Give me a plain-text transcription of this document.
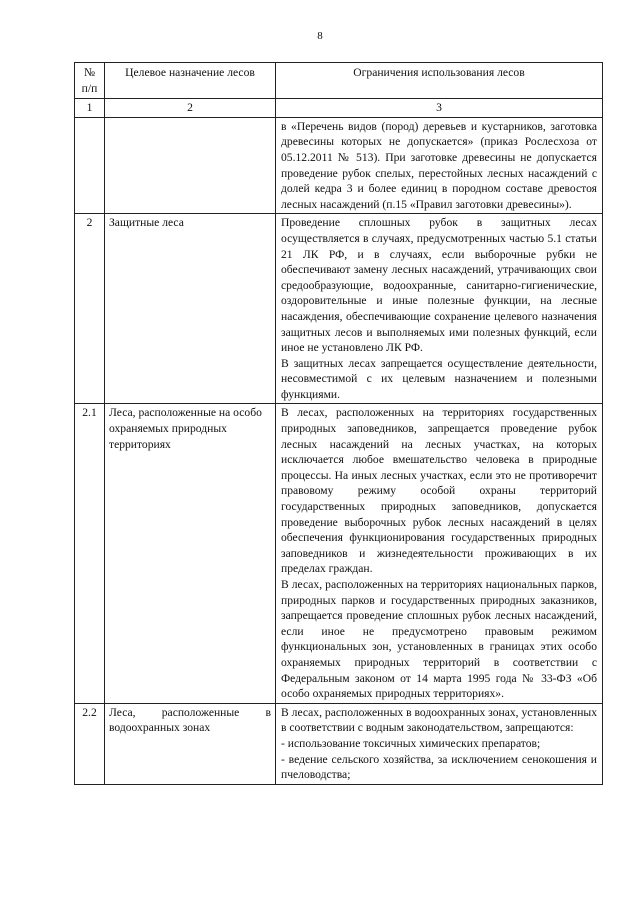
8
№ п/п	Целевое назначение лесов	Ограничения использования лесов
1	2	3

		в «Перечень видов (пород) деревьев и кустарников, заготовка древесины которых не допускается» (приказ Рослесхоза от 05.12.2011 № 513). При заготовке древесины не допускается проведение рубок спелых, перестойных лесных насаждений с долей кедра 3 и более единиц в породном составе древостоя лесных насаждений (п.15 «Правил заготовки древесины»).

2	Защитные леса	Проведение сплошных рубок в защитных лесах осуществляется в случаях, предусмотренных частью 5.1 статьи 21 ЛК РФ, и в случаях, если выборочные рубки не обеспечивают замену лесных насаждений, утрачивающих свои средообразующие, водоохранные, санитарно-гигиенические, оздоровительные и иные полезные функции, на лесные насаждения, обеспечивающие сохранение целевого назначения защитных лесов и выполняемых ими полезных функций, если иное не установлено ЛК РФ.

В защитных лесах запрещается осуществление деятельности, несовместимой с их целевым назначением и полезными функциями.

2.1	Леса, расположенные на особо охраняемых природных территориях	В лесах, расположенных на территориях государственных природных заповедников, запрещается проведение рубок лесных насаждений на лесных участках, на которых исключается любое вмешательство человека в природные процессы. На иных лесных участках, если это не противоречит правовому режиму особой охраны территорий государственных природных заповедников, допускается проведение выборочных рубок лесных насаждений в целях обеспечения функционирования государственных природных заповедников и жизнедеятельности проживающих в их пределах граждан.

В лесах, расположенных на территориях национальных парков, природных парков и государственных природных заказников, запрещается проведение сплошных рубок лесных насаждений, если иное не предусмотрено правовым режимом функциональных зон, установленных в границах этих особо охраняемых природных территорий в соответствии с Федеральным законом от 14 марта 1995 года № 33-ФЗ «Об особо охраняемых природных территориях».

2.2	Леса, расположенные в водоохранных зонах	В лесах, расположенных в водоохранных зонах, установленных в соответствии с водным законодательством, запрещаются:

- использование токсичных химических препаратов;

- ведение сельского хозяйства, за исключением сенокошения и пчеловодства;
